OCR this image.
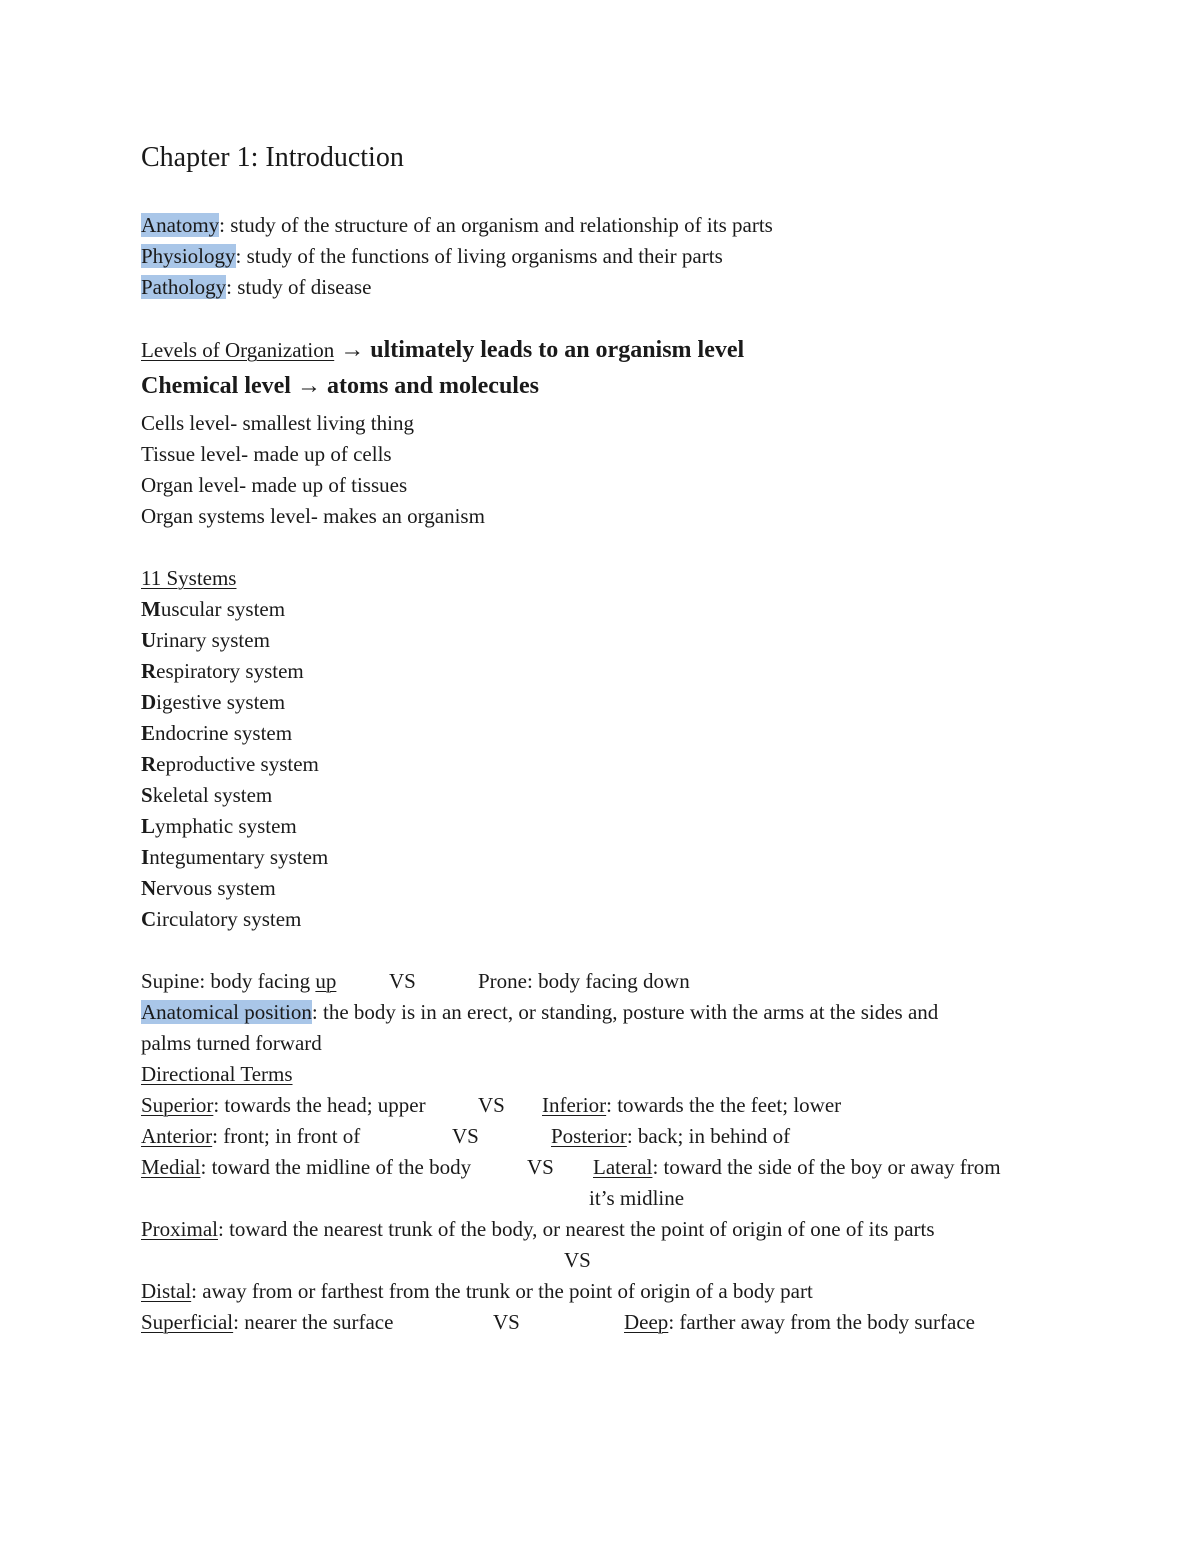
Chapter 1: Introduction
Anatomy: study of the structure of an organism and relationship of its parts
Physiology: study of the functions of living organisms and their parts
Pathology: study of disease
Levels of Organization → ultimately leads to an organism level
Chemical level → atoms and molecules
Cells level- smallest living thing
Tissue level- made up of cells
Organ level- made up of tissues
Organ systems level- makes an organism
11 Systems
Muscular system
Urinary system
Respiratory system
Digestive system
Endocrine system
Reproductive system
Skeletal system
Lymphatic system
Integumentary system
Nervous system
Circulatory system
Supine: body facing up	VS	Prone: body facing down
Anatomical position: the body is in an erect, or standing, posture with the arms at the sides and
palms turned forward
Directional Terms
Superior: towards the head; upper VS Inferior: towards the the feet; lower
Anterior: front; in front of	VS	Posterior: back; in behind of
Medial: toward the midline of the body	VS Lateral: toward the side of the boy or away from
it’s midline
Proximal: toward the nearest trunk of the body, or nearest the point of origin of one of its parts
VS
Distal: away from or farthest from the trunk or the point of origin of a body part
Superficial: nearer the surface	VS	Deep: farther away from the body surface
